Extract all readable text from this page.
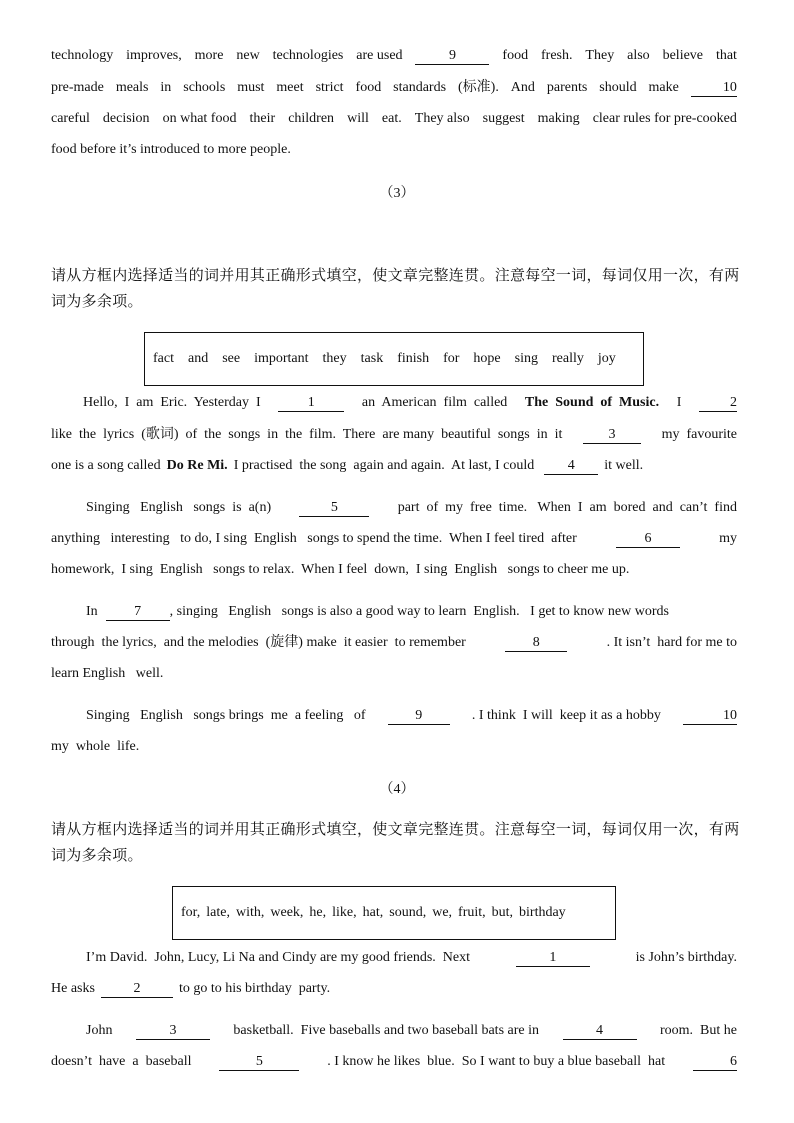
technology improves, more new technologies are used	9	food fresh. They also believe that
pre-made meals in schools must meet strict food standards (标准). And parents should make	10
careful decision on what food their children will eat. They also suggest making clear rules for pre-cooked
food before it’s introduced to more people.
（3）
请从方框内选择适当的词并用其正确形式填空，使文章完整连贯。注意每空一词，每词仅用一次，有两词为多余项。
fact and see important they task finish for hope sing really joy
Hello,  I  am  Eric.  Yesterday  I	1	an  American  film  called The  Sound  of  Music. I	2
like  the  lyrics  (歌词)  of  the  songs  in  the  film.  There  are many  beautiful  songs  in  it	3	my  favourite
one is a song called Do Re Mi. I practised  the song  again and again.  At last, I could	4	it well.
Singing   English   songs  is  a(n)	5	part  of  my  free  time.   When  I  am  bored  and  can’t  find
anything   interesting   to do, I sing  English   songs to spend the time.  When I feel tired  after	6	my
homework,  I sing  English   songs to relax.  When I feel  down,  I sing  English   songs to cheer me up.
In	7	, singing   English   songs is also a good way to learn  English.   I get to know new words
through  the lyrics,  and the melodies  (旋律) make  it easier  to remember	8	. It isn’t  hard for me to
learn English   well.
Singing   English   songs brings  me  a feeling   of	9	. I think  I will  keep it as a hobby	10
my  whole  life.
（4）
请从方框内选择适当的词并用其正确形式填空，使文章完整连贯。注意每空一词，每词仅用一次，有两词为多余项。
for, late, with, week, he, like, hat, sound, we, fruit, but, birthday
I’m David.  John, Lucy, Li Na and Cindy are my good friends.  Next	1	is John’s birthday.
He asks	2	to go to his birthday  party.
John	3	basketball.  Five baseballs and two baseball bats are in	4	room.  But he
doesn’t  have  a  baseball	5	. I know he likes  blue.  So I want to buy a blue baseball  hat	6
